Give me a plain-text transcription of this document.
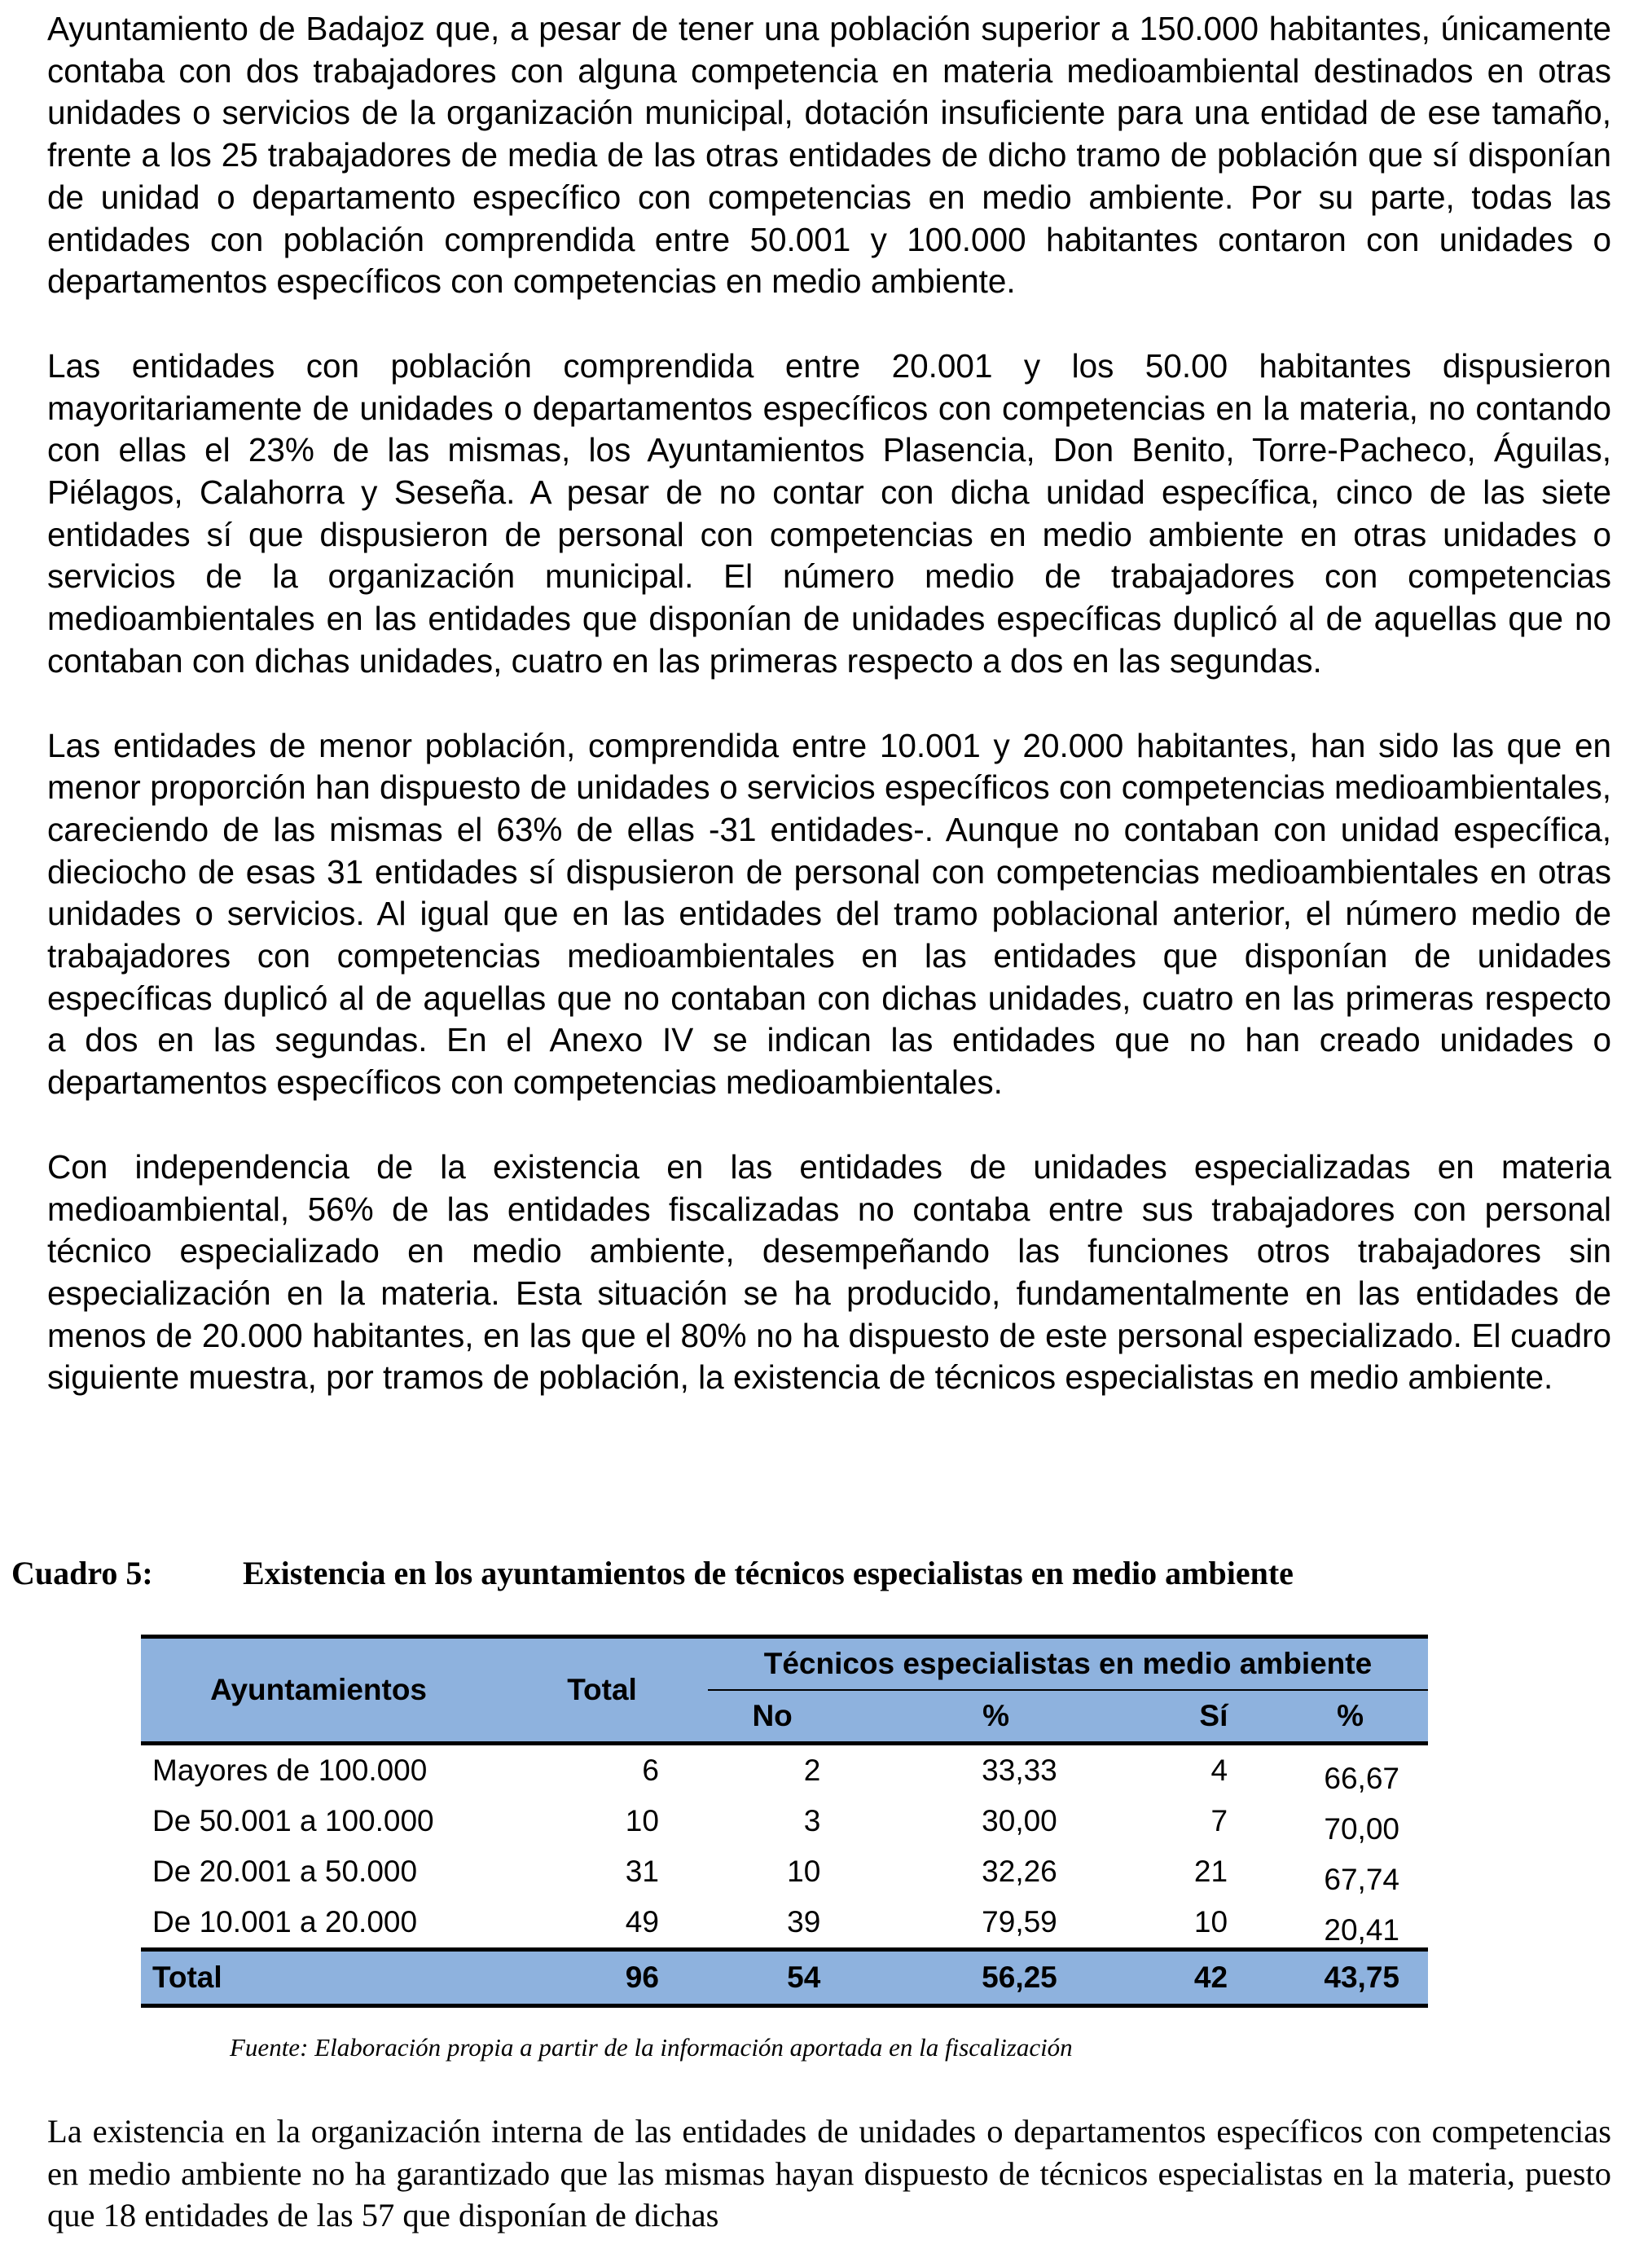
Ayuntamiento de Badajoz que, a pesar de tener una población superior a 150.000 habitantes, únicamente contaba con dos trabajadores con alguna competencia en materia medioambiental destinados en otras unidades o servicios de la organización municipal, dotación insuficiente para una entidad de ese tamaño, frente a los 25 trabajadores de media de las otras entidades de dicho tramo de población que sí disponían de unidad o departamento específico con competencias en medio ambiente. Por su parte, todas las entidades con población comprendida entre 50.001 y 100.000 habitantes contaron con unidades o departamentos específicos con competencias en medio ambiente.

Las entidades con población comprendida entre 20.001 y los 50.00 habitantes dispusieron mayoritariamente de unidades o departamentos específicos con competencias en la materia, no contando con ellas el 23% de las mismas, los Ayuntamientos Plasencia, Don Benito, Torre-Pacheco, Águilas, Piélagos, Calahorra y Seseña. A pesar de no contar con dicha unidad específica, cinco de las siete entidades sí que dispusieron de personal con competencias en medio ambiente en otras unidades o servicios de la organización municipal. El número medio de trabajadores con competencias medioambientales en las entidades que disponían de unidades específicas duplicó al de aquellas que no contaban con dichas unidades, cuatro en las primeras respecto a dos en las segundas.

Las entidades de menor población, comprendida entre 10.001 y 20.000 habitantes, han sido las que en menor proporción han dispuesto de unidades o servicios específicos con competencias medioambientales, careciendo de las mismas el 63% de ellas -31 entidades-. Aunque no contaban con unidad específica, dieciocho de esas 31 entidades sí dispusieron de personal con competencias medioambientales en otras unidades o servicios. Al igual que en las entidades del tramo poblacional anterior, el número medio de trabajadores con competencias medioambientales en las entidades que disponían de unidades específicas duplicó al de aquellas que no contaban con dichas unidades, cuatro en las primeras respecto a dos en las segundas. En el Anexo IV se indican las entidades que no han creado unidades o departamentos específicos con competencias medioambientales.

Con independencia de la existencia en las entidades de unidades especializadas en materia medioambiental, 56% de las entidades fiscalizadas no contaba entre sus trabajadores con personal técnico especializado en medio ambiente, desempeñando las funciones otros trabajadores sin especialización en la materia. Esta situación se ha producido, fundamentalmente en las entidades de menos de 20.000 habitantes, en las que el 80% no ha dispuesto de este personal especializado. El cuadro siguiente muestra, por tramos de población, la existencia de técnicos especialistas en medio ambiente.

Cuadro 5:	Existencia en los ayuntamientos de técnicos especialistas en medio ambiente
Ayuntamientos	Total	Técnicos especialistas en medio ambiente			
		No	%	Sí	%
Mayores de 100.000	6	2	33,33	4	66,67
De 50.001 a 100.000	10	3	30,00	7	70,00
De 20.001 a 50.000	31	10	32,26	21	67,74
De 10.001 a 20.000	49	39	79,59	10	20,41
Total	96	54	56,25	42	43,75
Fuente: Elaboración propia a partir de la información aportada en la fiscalización

La existencia en la organización interna de las entidades de unidades o departamentos específicos con competencias en medio ambiente no ha garantizado que las mismas hayan dispuesto de técnicos especialistas en la materia, puesto que 18 entidades de las 57 que disponían de dichas
